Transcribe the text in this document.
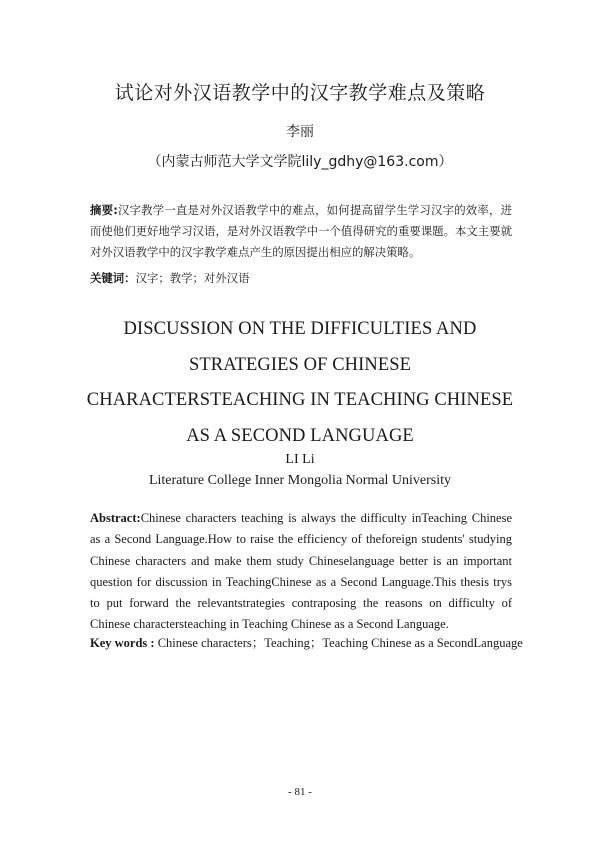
试论对外汉语教学中的汉字教学难点及策略
李丽
（内蒙古师范大学文学院lily_gdhy@163.com）
摘要:汉字教学一直是对外汉语教学中的难点，如何提高留学生学习汉字的效率，进而使他们更好地学习汉语，是对外汉语教学中一个值得研究的重要课题。本文主要就对外汉语教学中的汉字教学难点产生的原因提出相应的解决策略。
关键词：汉字；教学；对外汉语
DISCUSSION ON THE DIFFICULTIES AND
STRATEGIES OF CHINESE
CHARACTERSTEACHING IN TEACHING CHINESE
AS A SECOND LANGUAGE
LI Li
Literature College Inner Mongolia Normal University
Abstract:Chinese characters teaching is always the difficulty inTeaching Chinese as a Second Language.How to raise the efficiency of theforeign students' studying Chinese characters and make them study Chineselanguage better is an important question for discussion in TeachingChinese as a Second Language.This thesis trys to put forward the relevantstrategies contraposing the reasons on difficulty of Chinese charactersteaching in Teaching Chinese as a Second Language.
Key words : Chinese characters；Teaching；Teaching Chinese as a SecondLanguage
- 81 -
